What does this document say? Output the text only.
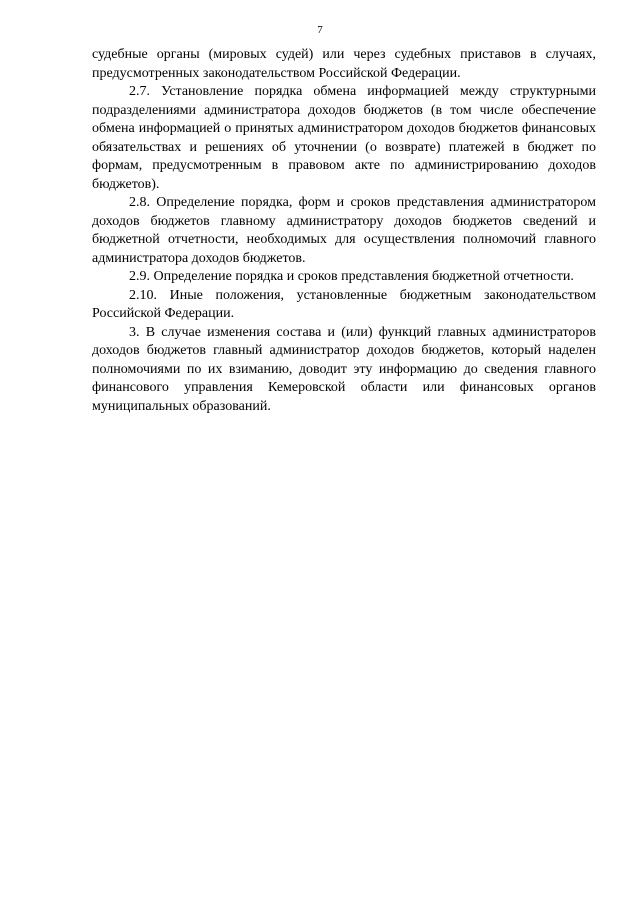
7

судебные органы (мировых судей) или через судебных приставов в случаях, предусмотренных законодательством Российской Федерации.

2.7. Установление порядка обмена информацией между структурными подразделениями администратора доходов бюджетов (в том числе обеспечение обмена информацией о принятых администратором доходов бюджетов финансовых обязательствах и решениях об уточнении (о возврате) платежей в бюджет по формам, предусмотренным в правовом акте по администрированию доходов бюджетов).

2.8. Определение порядка, форм и сроков представления администратором доходов бюджетов главному администратору доходов бюджетов сведений и бюджетной отчетности, необходимых для осуществления полномочий главного администратора доходов бюджетов.

2.9. Определение порядка и сроков представления бюджетной отчетности.

2.10. Иные положения, установленные бюджетным законодательством Российской Федерации.

3. В случае изменения состава и (или) функций главных администраторов доходов бюджетов главный администратор доходов бюджетов, который наделен полномочиями по их взиманию, доводит эту информацию до сведения главного финансового управления Кемеровской области или финансовых органов муниципальных образований.
